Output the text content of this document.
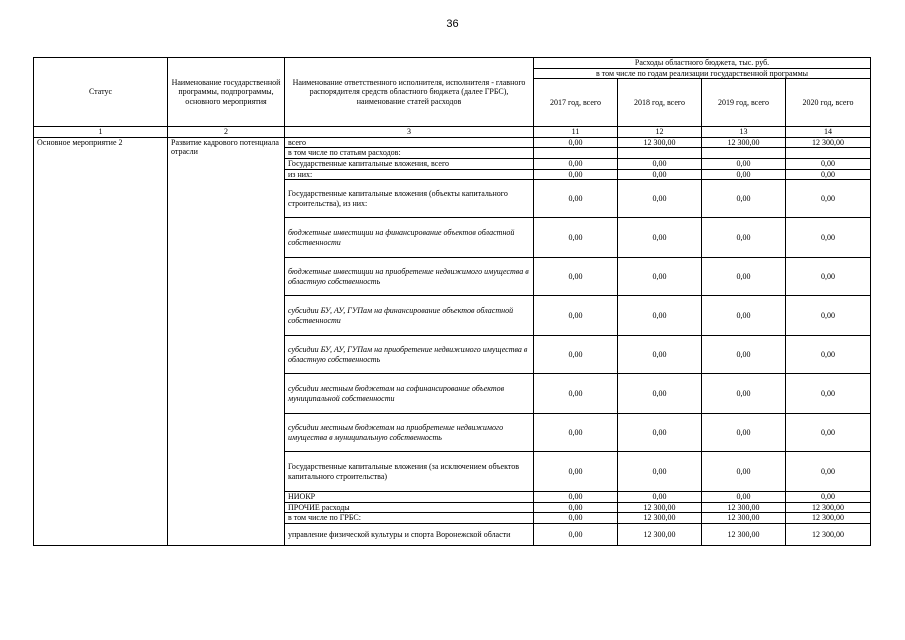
36
Статус	Наименование государственной программы, подпрограммы, основного мероприятия	Наименование ответственного исполнителя, исполнителя - главного распорядителя средств областного бюджета (далее ГРБС), наименование статей расходов	Расходы областного бюджета, тыс. руб.			
			в том числе по годам реализации государственной программы			
			2017 год, всего	2018 год, всего	2019 год, всего	2020 год, всего
1	2	3	11	12	13	14
Основное мероприятие 2	Развитие кадрового потенциала отрасли	всего	0,00	12 300,00	12 300,00	12 300,00
		в том числе по статьям расходов:				
		Государственные капитальные вложения, всего	0,00	0,00	0,00	0,00
		из них:	0,00	0,00	0,00	0,00
		Государственные капитальные вложения (объекты капитального строительства), из них:	0,00	0,00	0,00	0,00
		бюджетные инвестиции на финансирование объектов областной собственности	0,00	0,00	0,00	0,00
		бюджетные инвестиции на приобретение недвижимого имущества в областную собственность	0,00	0,00	0,00	0,00
		субсидии БУ, АУ, ГУПам на финансирование объектов областной собственности	0,00	0,00	0,00	0,00
		субсидии БУ, АУ, ГУПам на приобретение недвижимого имущества в областную собственность	0,00	0,00	0,00	0,00
		субсидии местным бюджетам на софинансирование объектов муниципальной собственности	0,00	0,00	0,00	0,00
		субсидии местным бюджетам на приобретение недвижимого имущества в муниципальную собственность	0,00	0,00	0,00	0,00
		Государственные капитальные вложения (за исключением объектов капитального строительства)	0,00	0,00	0,00	0,00
		НИОКР	0,00	0,00	0,00	0,00
		ПРОЧИЕ расходы	0,00	12 300,00	12 300,00	12 300,00
		в том числе по ГРБС:	0,00	12 300,00	12 300,00	12 300,00
		управление физической культуры и спорта Воронежской области	0,00	12 300,00	12 300,00	12 300,00
